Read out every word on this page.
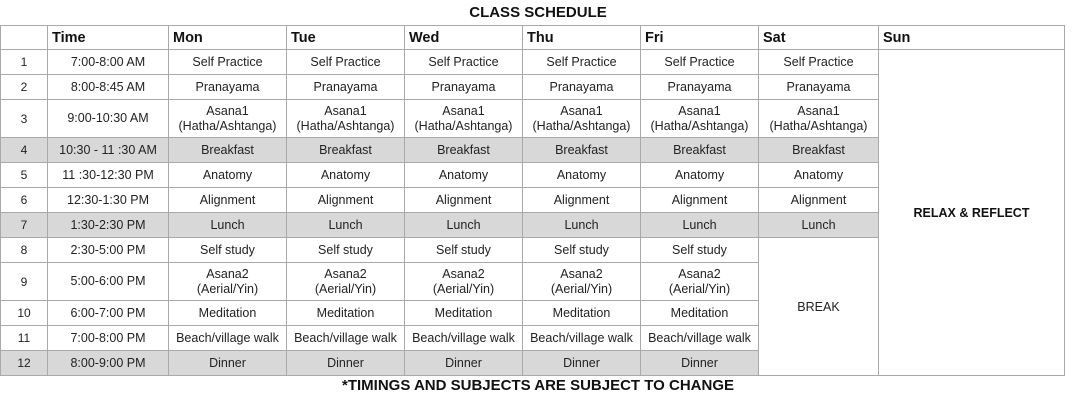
CLASS SCHEDULE
	Time	Mon	Tue	Wed	Thu	Fri	Sat	Sun
1	7:00-8:00 AM	Self Practice	Self Practice	Self Practice	Self Practice	Self Practice	Self Practice	RELAX & REFLECT
2	8:00-8:45 AM	Pranayama	Pranayama	Pranayama	Pranayama	Pranayama	Pranayama	
3	9:00-10:30 AM	Asana1
(Hatha/Ashtanga)	Asana1
(Hatha/Ashtanga)	Asana1
(Hatha/Ashtanga)	Asana1
(Hatha/Ashtanga)	Asana1
(Hatha/Ashtanga)	Asana1
(Hatha/Ashtanga)	
4	10:30 - 11 :30 AM	Breakfast	Breakfast	Breakfast	Breakfast	Breakfast	Breakfast	
5	11 :30-12:30 PM	Anatomy	Anatomy	Anatomy	Anatomy	Anatomy	Anatomy	
6	12:30-1:30 PM	Alignment	Alignment	Alignment	Alignment	Alignment	Alignment	
7	1:30-2:30 PM	Lunch	Lunch	Lunch	Lunch	Lunch	Lunch	
8	2:30-5:00 PM	Self study	Self study	Self study	Self study	Self study	BREAK	
9	5:00-6:00 PM	Asana2
(Aerial/Yin)	Asana2
(Aerial/Yin)	Asana2
(Aerial/Yin)	Asana2
(Aerial/Yin)	Asana2
(Aerial/Yin)		
10	6:00-7:00 PM	Meditation	Meditation	Meditation	Meditation	Meditation		
11	7:00-8:00 PM	Beach/village walk	Beach/village walk	Beach/village walk	Beach/village walk	Beach/village walk		
12	8:00-9:00 PM	Dinner	Dinner	Dinner	Dinner	Dinner		
*TIMINGS AND SUBJECTS ARE SUBJECT TO CHANGE
